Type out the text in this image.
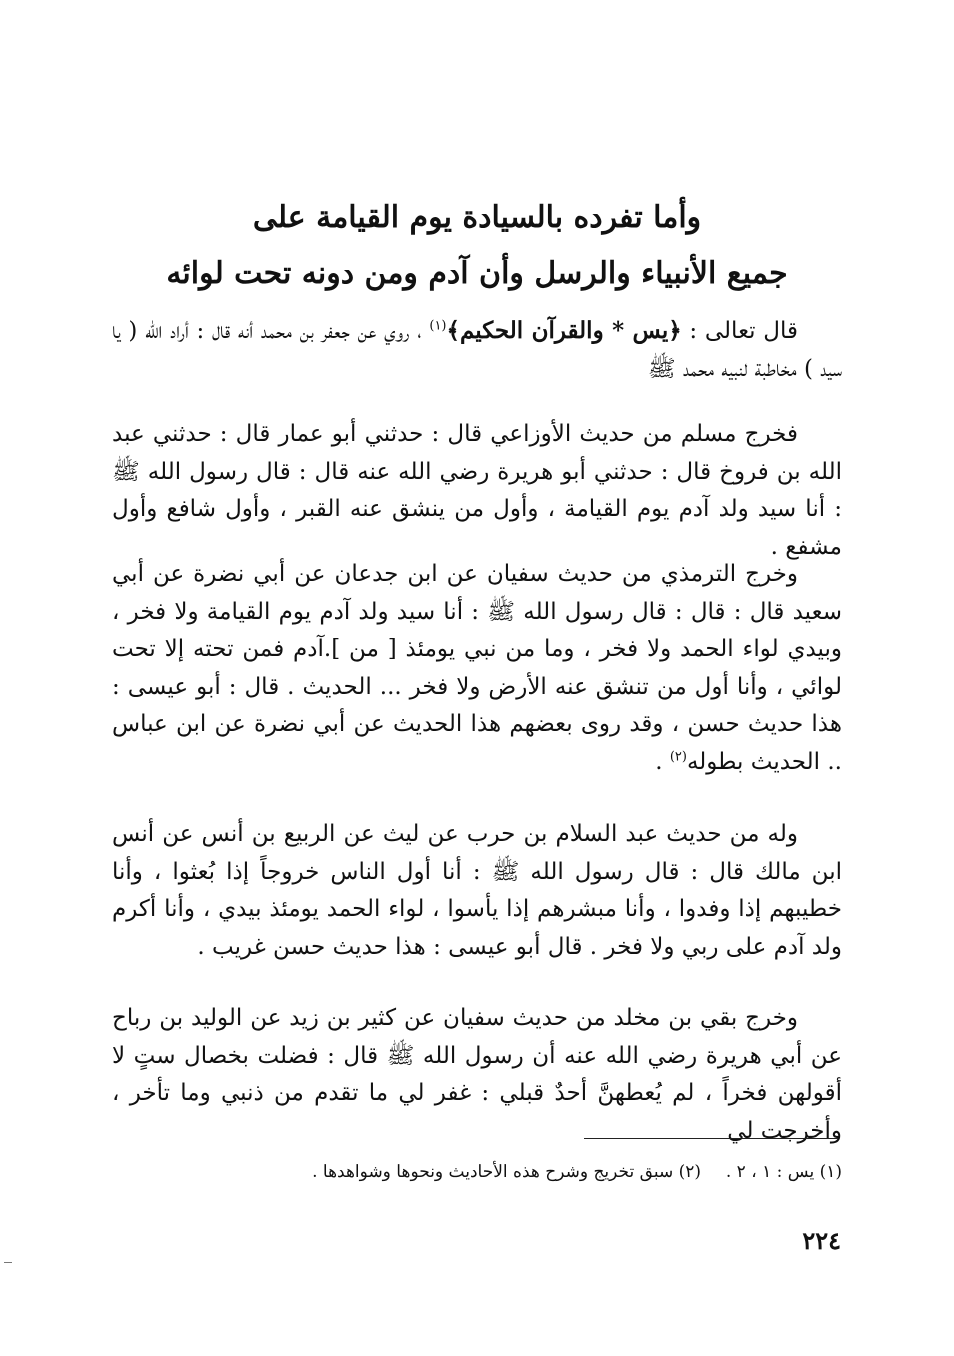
وأما تفرده بالسيادة يوم القيامة على
جميع الأنبياء والرسل وأن آدم ومن دونه تحت لوائه
قال تعالى : ﴿يس * والقرآن الحكيم﴾$^{(١)}$ ، روي عن جعفر بن محمد أنه قال : أراد الله ( يا سيد ) مخاطبة لنبيه محمد ﷺ
فخرج مسلم من حديث الأوزاعي قال : حدثني أبو عمار قال : حدثني عبد الله بن فروخ قال : حدثني أبو هريرة رضي الله عنه قال : قال رسول الله ﷺ : أنا سيد ولد آدم يوم القيامة ، وأول من ينشق عنه القبر ، وأول شافع وأول مشفع .
وخرج الترمذي من حديث سفيان عن ابن جدعان عن أبي نضرة عن أبي سعيد قال : قال : قال رسول الله ﷺ : أنا سيد ولد آدم يوم القيامة ولا فخر ، وبيدي لواء الحمد ولا فخر ، وما من نبي يومئذ [ من ].آدم فمن تحته إلا تحت لوائي ، وأنا أول من تنشق عنه الأرض ولا فخر ... الحديث . قال : أبو عيسى : هذا حديث حسن ، وقد روى بعضهم هذا الحديث عن أبي نضرة عن ابن عباس .. الحديث بطوله$^{(٢)}$ .
وله من حديث عبد السلام بن حرب عن ليث عن الربيع بن أنس عن أنس ابن مالك قال : قال رسول الله ﷺ : أنا أول الناس خروجاً إذا بُعثوا ، وأنا خطيبهم إذا وفدوا ، وأنا مبشرهم إذا يأسوا ، لواء الحمد يومئذ بيدي ، وأنا أكرم ولد آدم على ربي ولا فخر . قال أبو عيسى : هذا حديث حسن غريب .
وخرج بقي بن مخلد من حديث سفيان عن كثير بن زيد عن الوليد بن رباح عن أبي هريرة رضي الله عنه أن رسول الله ﷺ قال : فضلت بخصال ستٍ لا أقولهن فخراً ، لم يُعطهنَّ أحدٌ قبلي : غفر لي ما تقدم من ذنبي وما تأخر ، وأخرجت لي
(١) يس : ١ ، ٢ .  (٢) سبق تخريج وشرح هذه الأحاديث ونحوها وشواهدها .
٢٢٤
